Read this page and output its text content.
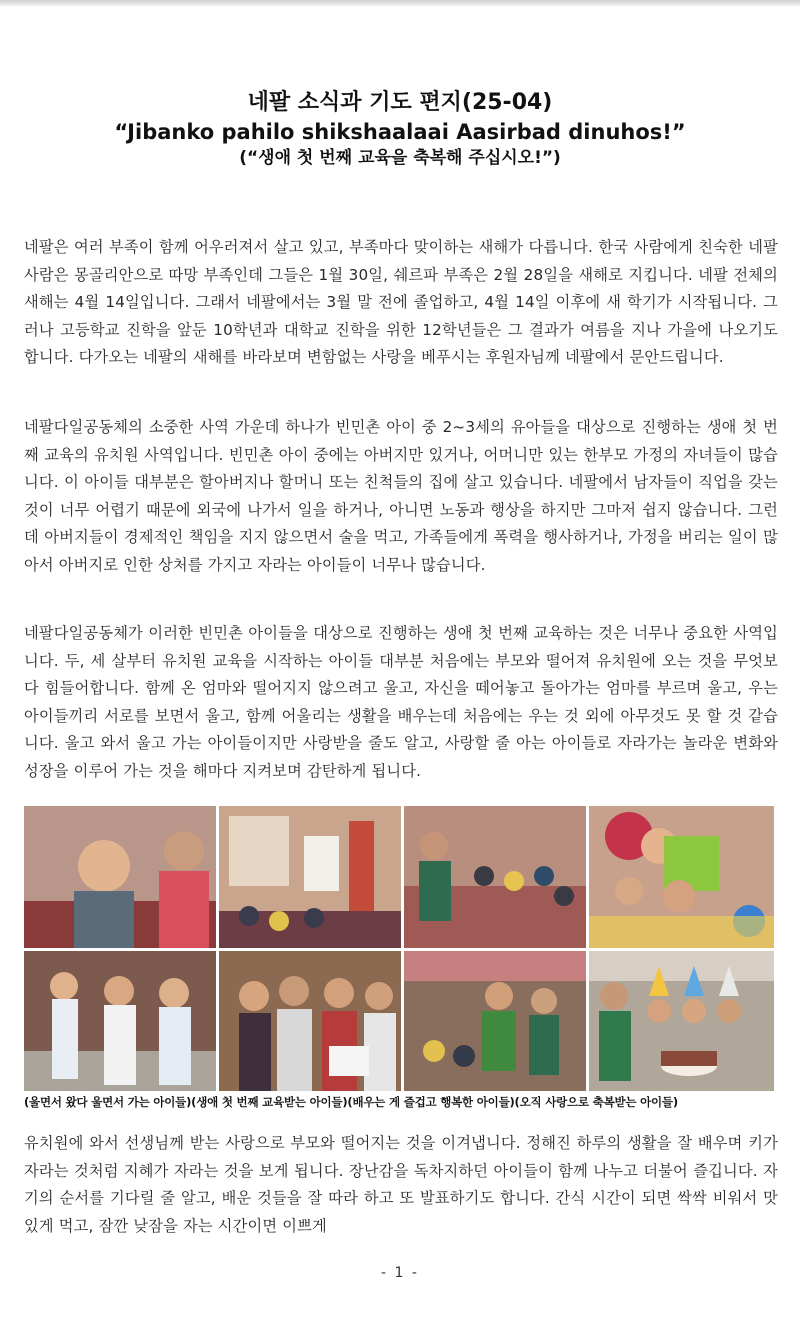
네팔 소식과 기도 편지(25-04)
“Jibanko pahilo shikshaalaai Aasirbad dinuhos!”
(“생애 첫 번째 교육을 축복해 주십시오!”)

네팔은 여러 부족이 함께 어우러져서 살고 있고, 부족마다 맞이하는 새해가 다릅니다. 한국 사람에게 친숙한 네팔 사람은 몽골리안으로 따망 부족인데 그들은 1월 30일, 쉐르파 부족은 2월 28일을 새해로 지킵니다. 네팔 전체의 새해는 4월 14일입니다. 그래서 네팔에서는 3월 말 전에 졸업하고, 4월 14일 이후에 새 학기가 시작됩니다. 그러나 고등학교 진학을 앞둔 10학년과 대학교 진학을 위한 12학년들은 그 결과가 여름을 지나 가을에 나오기도 합니다. 다가오는 네팔의 새해를 바라보며 변함없는 사랑을 베푸시는 후원자님께 네팔에서 문안드립니다.

네팔다일공동체의 소중한 사역 가운데 하나가 빈민촌 아이 중 2~3세의 유아들을 대상으로 진행하는 생애 첫 번째 교육의 유치원 사역입니다. 빈민촌 아이 중에는 아버지만 있거나, 어머니만 있는 한부모 가정의 자녀들이 많습니다. 이 아이들 대부분은 할아버지나 할머니 또는 친척들의 집에 살고 있습니다. 네팔에서 남자들이 직업을 갖는 것이 너무 어렵기 때문에 외국에 나가서 일을 하거나, 아니면 노동과 행상을 하지만 그마저 쉽지 않습니다. 그런데 아버지들이 경제적인 책임을 지지 않으면서 술을 먹고, 가족들에게 폭력을 행사하거나, 가정을 버리는 일이 많아서 아버지로 인한 상처를 가지고 자라는 아이들이 너무나 많습니다.

네팔다일공동체가 이러한 빈민촌 아이들을 대상으로 진행하는 생애 첫 번째 교육하는 것은 너무나 중요한 사역입니다. 두, 세 살부터 유치원 교육을 시작하는 아이들 대부분 처음에는 부모와 떨어져 유치원에 오는 것을 무엇보다 힘들어합니다. 함께 온 엄마와 떨어지지 않으려고 울고, 자신을 떼어놓고 돌아가는 엄마를 부르며 울고, 우는 아이들끼리 서로를 보면서 울고, 함께 어울리는 생활을 배우는데 처음에는 우는 것 외에 아무것도 못 할 것 같습니다. 울고 와서 울고 가는 아이들이지만 사랑받을 줄도 알고, 사랑할 줄 아는 아이들로 자라가는 놀라운 변화와 성장을 이루어 가는 것을 해마다 지켜보며 감탄하게 됩니다.

(울면서 왔다 울면서 가는 아이들)(생애 첫 번째 교육받는 아이들)(배우는 게 즐겁고 행복한 아이들)(오직 사랑으로 축복받는 아이들)

유치원에 와서 선생님께 받는 사랑으로 부모와 떨어지는 것을 이겨냅니다. 정해진 하루의 생활을 잘 배우며 키가 자라는 것처럼 지혜가 자라는 것을 보게 됩니다. 장난감을 독차지하던 아이들이 함께 나누고 더불어 즐깁니다. 자기의 순서를 기다릴 줄 알고, 배운 것들을 잘 따라 하고 또 발표하기도 합니다. 간식 시간이 되면 싹싹 비워서 맛있게 먹고, 잠깐 낮잠을 자는 시간이면 이쁘게

- 1 -
